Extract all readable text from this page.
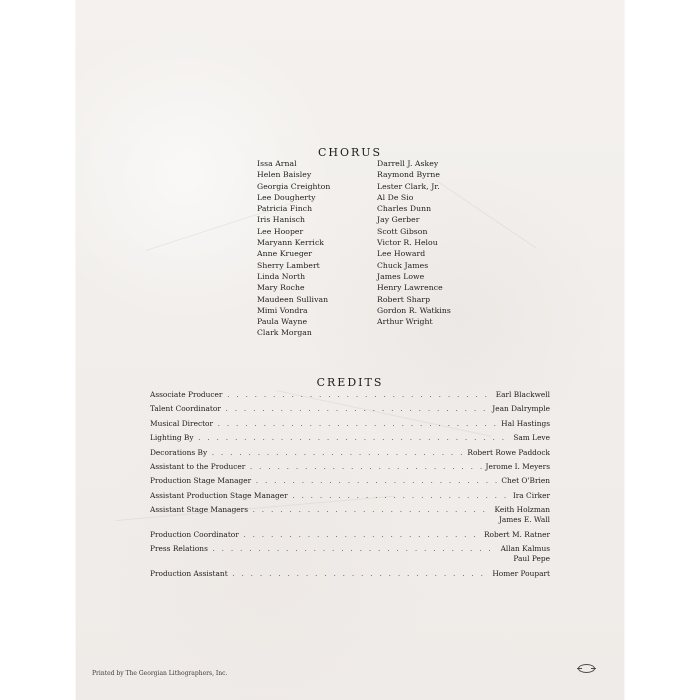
CHORUS
Issa Arnal
Helen Baisley
Georgia Creighton
Lee Dougherty
Patricia Finch
Iris Hanisch
Lee Hooper
Maryann Kerrick
Anne Krueger
Sherry Lambert
Linda North
Mary Roche
Maudeen Sullivan
Mimi Vondra
Paula Wayne
Clark Morgan
Darrell J. Askey
Raymond Byrne
Lester Clark, Jr.
Al De Sio
Charles Dunn
Jay Gerber
Scott Gibson
Victor R. Helou
Lee Howard
Chuck James
James Lowe
Henry Lawrence
Robert Sharp
Gordon R. Watkins
Arthur Wright
CREDITS
Associate Producer . . .	Earl Blackwell
Talent Coordinator . . .	Jean Dalrymple
Musical Director . . .	Hal Hastings
Lighting By . . .	Sam Leve
Decorations By . . .	Robert Rowe Paddock
Assistant to the Producer . . .	Jerome I. Meyers
Production Stage Manager . . .	Chet O'Brien
Assistant Production Stage Manager . . .	Ira Cirker
Assistant Stage Managers . . .	Keith Holzman
James E. Wall
Production Coordinator . . .	Robert M. Ratner
Press Relations . . .	Allan Kalmus
Paul Pepe
Production Assistant . . .	Homer Poupart
Printed by The Georgian Lithographers, Inc.
